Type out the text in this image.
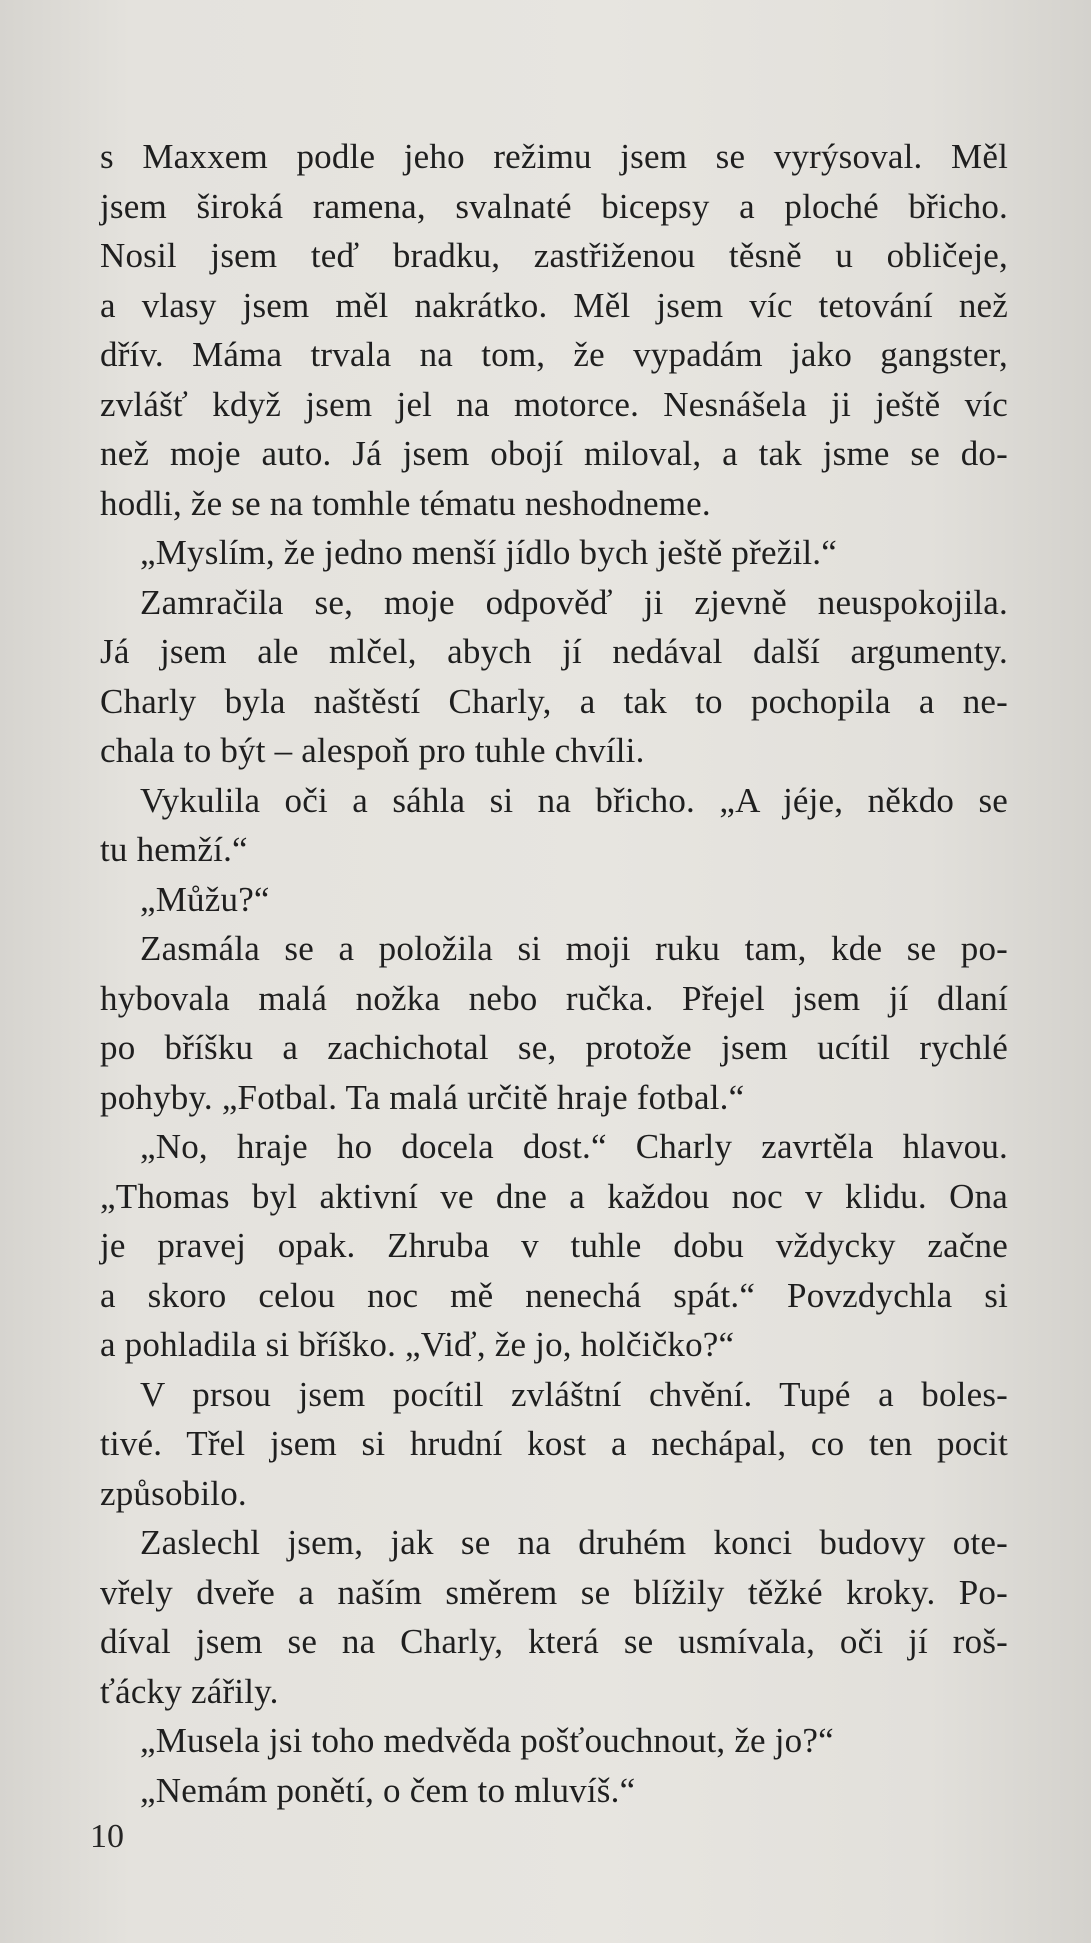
s Maxxem podle jeho režimu jsem se vyrýsoval. Měl
jsem široká ramena, svalnaté bicepsy a ploché břicho.
Nosil jsem teď bradku, zastřiženou těsně u obličeje,
a vlasy jsem měl nakrátko. Měl jsem víc tetování než
dřív. Máma trvala na tom, že vypadám jako gangster,
zvlášť když jsem jel na motorce. Nesnášela ji ještě víc
než moje auto. Já jsem obojí miloval, a tak jsme se do-
hodli, že se na tomhle tématu neshodneme.
„Myslím, že jedno menší jídlo bych ještě přežil.“
Zamračila se, moje odpověď ji zjevně neuspokojila.
Já jsem ale mlčel, abych jí nedával další argumenty.
Charly byla naštěstí Charly, a tak to pochopila a ne-
chala to být – alespoň pro tuhle chvíli.
Vykulila oči a sáhla si na břicho. „A jéje, někdo se
tu hemží.“
„Můžu?“
Zasmála se a položila si moji ruku tam, kde se po-
hybovala malá nožka nebo ručka. Přejel jsem jí dlaní
po bříšku a zachichotal se, protože jsem ucítil rychlé
pohyby. „Fotbal. Ta malá určitě hraje fotbal.“
„No, hraje ho docela dost.“ Charly zavrtěla hlavou.
„Thomas byl aktivní ve dne a každou noc v klidu. Ona
je pravej opak. Zhruba v tuhle dobu vždycky začne
a skoro celou noc mě nenechá spát.“ Povzdychla si
a pohladila si bříško. „Viď, že jo, holčičko?“
V prsou jsem pocítil zvláštní chvění. Tupé a boles-
tivé. Třel jsem si hrudní kost a nechápal, co ten pocit
způsobilo.
Zaslechl jsem, jak se na druhém konci budovy ote-
vřely dveře a naším směrem se blížily těžké kroky. Po-
díval jsem se na Charly, která se usmívala, oči jí roš-
ťácky zářily.
„Musela jsi toho medvěda pošťouchnout, že jo?“
„Nemám ponětí, o čem to mluvíš.“
10
